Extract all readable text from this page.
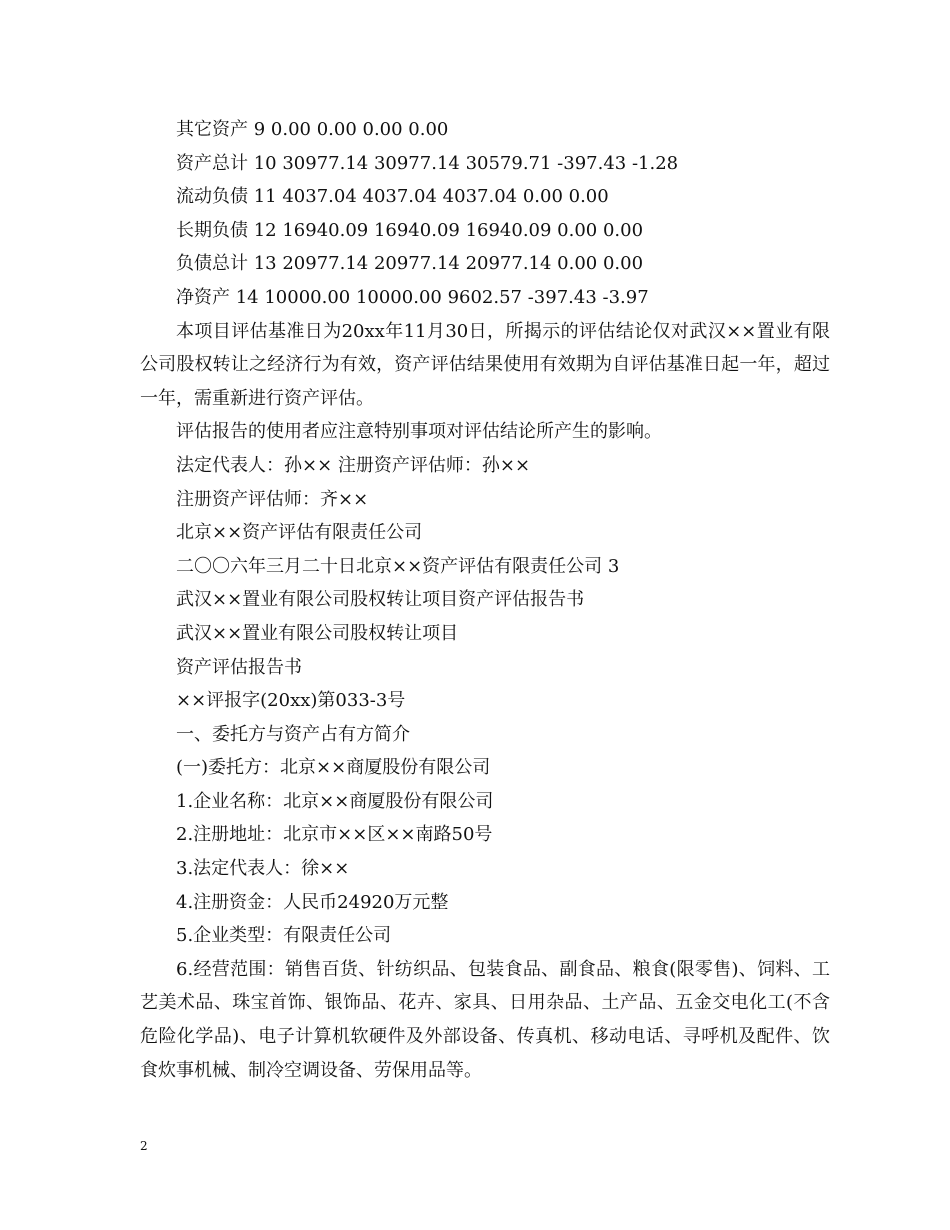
其它资产 9 0.00 0.00 0.00 0.00
资产总计 10 30977.14 30977.14 30579.71 -397.43 -1.28
流动负债 11 4037.04 4037.04 4037.04 0.00 0.00
长期负债 12 16940.09 16940.09 16940.09 0.00 0.00
负债总计 13 20977.14 20977.14 20977.14 0.00 0.00
净资产 14 10000.00 10000.00 9602.57 -397.43 -3.97

本项目评估基准日为20xx年11月30日，所揭示的评估结论仅对武汉××置业有限公司股权转让之经济行为有效，资产评估结果使用有效期为自评估基准日起一年，超过一年，需重新进行资产评估。

评估报告的使用者应注意特别事项对评估结论所产生的影响。
法定代表人：孙×× 注册资产评估师：孙××
注册资产评估师：齐××
北京××资产评估有限责任公司
二〇〇六年三月二十日北京××资产评估有限责任公司 3
武汉××置业有限公司股权转让项目资产评估报告书
武汉××置业有限公司股权转让项目
资产评估报告书
××评报字(20xx)第033-3号
一、委托方与资产占有方简介
(一)委托方：北京××商厦股份有限公司
1.企业名称：北京××商厦股份有限公司
2.注册地址：北京市××区××南路50号
3.法定代表人：徐××
4.注册资金：人民币24920万元整
5.企业类型：有限责任公司

6.经营范围：销售百货、针纺织品、包装食品、副食品、粮食(限零售)、饲料、工艺美术品、珠宝首饰、银饰品、花卉、家具、日用杂品、土产品、五金交电化工(不含危险化学品)、电子计算机软硬件及外部设备、传真机、移动电话、寻呼机及配件、饮食炊事机械、制冷空调设备、劳保用品等。

2
